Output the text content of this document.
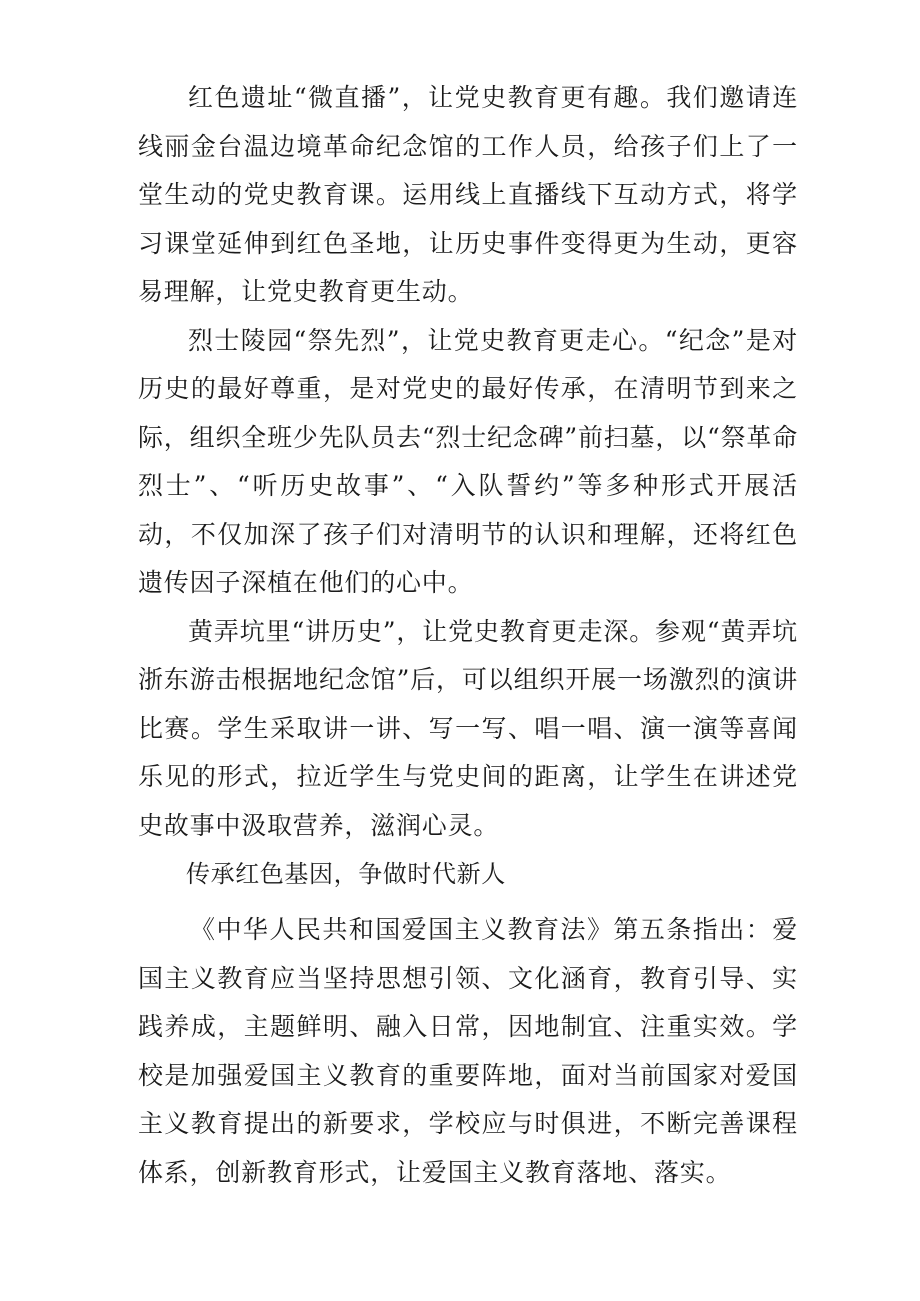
红色遗址“微直播”，让党史教育更有趣。我们邀请连线丽金台温边境革命纪念馆的工作人员，给孩子们上了一堂生动的党史教育课。运用线上直播线下互动方式，将学习课堂延伸到红色圣地，让历史事件变得更为生动，更容易理解，让党史教育更生动。

烈士陵园“祭先烈”，让党史教育更走心。“纪念”是对历史的最好尊重，是对党史的最好传承，在清明节到来之际，组织全班少先队员去“烈士纪念碑”前扫墓，以“祭革命烈士”、“听历史故事”、“入队誓约”等多种形式开展活动，不仅加深了孩子们对清明节的认识和理解，还将红色遗传因子深植在他们的心中。

黄弄坑里“讲历史”，让党史教育更走深。参观“黄弄坑浙东游击根据地纪念馆”后，可以组织开展一场激烈的演讲比赛。学生采取讲一讲、写一写、唱一唱、演一演等喜闻乐见的形式，拉近学生与党史间的距离，让学生在讲述党史故事中汲取营养，滋润心灵。

传承红色基因，争做时代新人

《中华人民共和国爱国主义教育法》第五条指出：爱国主义教育应当坚持思想引领、文化涵育，教育引导、实践养成，主题鲜明、融入日常，因地制宜、注重实效。学校是加强爱国主义教育的重要阵地，面对当前国家对爱国主义教育提出的新要求，学校应与时俱进，不断完善课程体系，创新教育形式，让爱国主义教育落地、落实。
